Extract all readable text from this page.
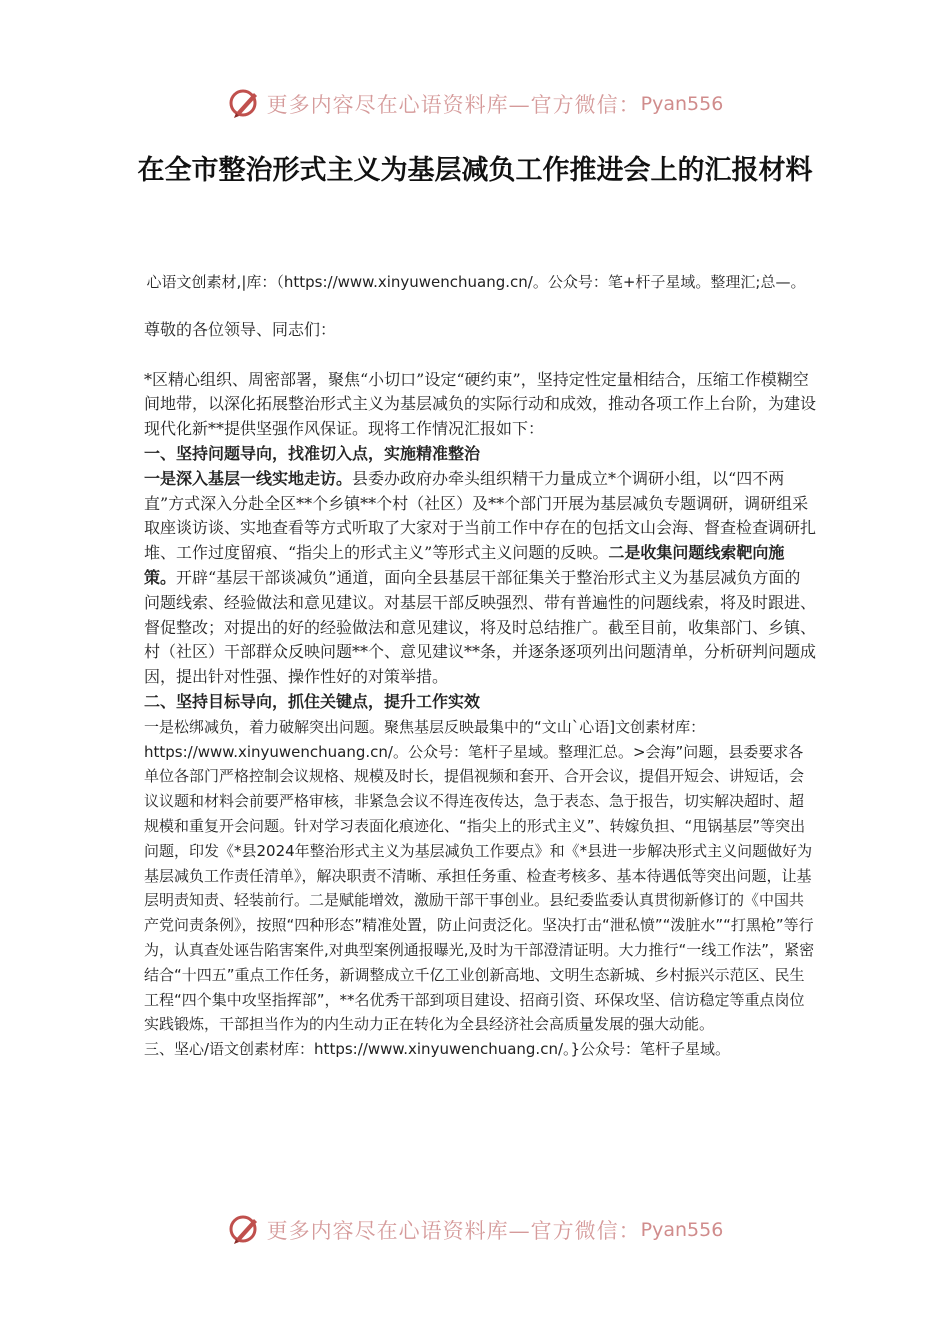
更多内容尽在心语资料库—官方微信： Pyan556
在全市整治形式主义为基层减负工作推进会上的汇报材料

心语文创素材,|库：（https://www.xinyuwenchuang.cn/。公众号：笔+杆子星域。整理汇;总—。

尊敬的各位领导、同志们：

*区精心组织、周密部署，聚焦“小切口”设定“硬约束”，坚持定性定量相结合，压缩工作模糊空间地带，以深化拓展整治形式主义为基层减负的实际行动和成效，推动各项工作上台阶，为建设现代化新**提供坚强作风保证。现将工作情况汇报如下：

一、坚持问题导向，找准切入点，实施精准整治

一是深入基层一线实地走访。县委办政府办牵头组织精干力量成立*个调研小组，以“四不两直”方式深入分赴全区**个乡镇**个村（社区）及**个部门开展为基层减负专题调研，调研组采取座谈访谈、实地查看等方式听取了大家对于当前工作中存在的包括文山会海、督查检查调研扎堆、工作过度留痕、“指尖上的形式主义”等形式主义问题的反映。二是收集问题线索靶向施策。开辟“基层干部谈减负”通道，面向全县基层干部征集关于整治形式主义为基层减负方面的问题线索、经验做法和意见建议。对基层干部反映强烈、带有普遍性的问题线索，将及时跟进、督促整改；对提出的好的经验做法和意见建议，将及时总结推广。截至目前，收集部门、乡镇、村（社区）干部群众反映问题**个、意见建议**条，并逐条逐项列出问题清单，分析研判问题成因，提出针对性强、操作性好的对策举措。

二、坚持目标导向，抓住关键点，提升工作实效

一是松绑减负，着力破解突出问题。聚焦基层反映最集中的“文山`心语]文创素材库：https://www.xinyuwenchuang.cn/。公众号：笔杆子星域。整理汇总。>会海”问题，县委要求各单位各部门严格控制会议规格、规模及时长，提倡视频和套开、合开会议，提倡开短会、讲短话，会议议题和材料会前要严格审核，非紧急会议不得连夜传达，急于表态、急于报告，切实解决超时、超规模和重复开会问题。针对学习表面化痕迹化、“指尖上的形式主义”、转嫁负担、“甩锅基层”等突出问题，印发《*县2024年整治形式主义为基层减负工作要点》和《*县进一步解决形式主义问题做好为基层减负工作责任清单》，解决职责不清晰、承担任务重、检查考核多、基本待遇低等突出问题，让基层明责知责、轻装前行。二是赋能增效，激励干部干事创业。县纪委监委认真贯彻新修订的《中国共产党问责条例》，按照“四种形态”精准处置，防止问责泛化。坚决打击“泄私愤”“泼脏水”“打黑枪”等行为，认真查处诬告陷害案件,对典型案例通报曝光,及时为干部澄清证明。大力推行“一线工作法”，紧密结合“十四五”重点工作任务，新调整成立千亿工业创新高地、文明生态新城、乡村振兴示范区、民生工程“四个集中攻坚指挥部”，**名优秀干部到项目建设、招商引资、环保攻坚、信访稳定等重点岗位实践锻炼，干部担当作为的内生动力正在转化为全县经济社会高质量发展的强大动能。

三、坚心/语文创素材库：https://www.xinyuwenchuang.cn/。}公众号：笔杆子星域。

更多内容尽在心语资料库—官方微信： Pyan556
